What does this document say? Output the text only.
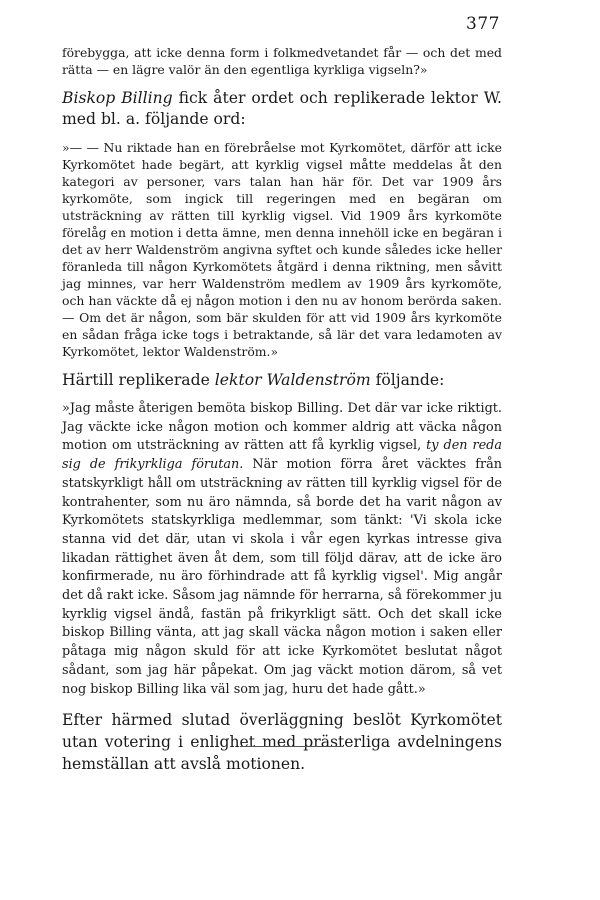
377

förebygga, att icke denna form i folkmedvetandet får — och det med rätta — en lägre valör än den egentliga kyrkliga vigseln?»

Biskop Billing fick åter ordet och replikerade lektor W. med bl. a. följande ord:

»— — Nu riktade han en förebråelse mot Kyrkomötet, därför att icke Kyrkomötet hade begärt, att kyrklig vigsel måtte meddelas åt den kategori av personer, vars talan han här för. Det var 1909 års kyrkomöte, som ingick till regeringen med en begäran om utsträckning av rätten till kyrklig vigsel. Vid 1909 års kyrkomöte förelåg en motion i detta ämne, men denna innehöll icke en begäran i det av herr Waldenström angivna syftet och kunde således icke heller föranleda till någon Kyrkomötets åtgärd i denna riktning, men såvitt jag minnes, var herr Waldenström medlem av 1909 års kyrkomöte, och han väckte då ej någon motion i den nu av honom berörda saken. — Om det är någon, som bär skulden för att vid 1909 års kyrkomöte en sådan fråga icke togs i betraktande, så lär det vara ledamoten av Kyrkomötet, lektor Waldenström.»

Härtill replikerade lektor Waldenström följande:

»Jag måste återigen bemöta biskop Billing. Det där var icke riktigt. Jag väckte icke någon motion och kommer aldrig att väcka någon motion om utsträckning av rätten att få kyrklig vigsel, ty den reda sig de frikyrkliga förutan. När motion förra året väcktes från statskyrkligt håll om utsträckning av rätten till kyrklig vigsel för de kontrahenter, som nu äro nämnda, så borde det ha varit någon av Kyrkomötets statskyrkliga medlemmar, som tänkt: 'Vi skola icke stanna vid det där, utan vi skola i vår egen kyrkas intresse giva likadan rättighet även åt dem, som till följd därav, att de icke äro konfirmerade, nu äro förhindrade att få kyrklig vigsel'. Mig angår det då rakt icke. Såsom jag nämnde för herrarna, så förekommer ju kyrklig vigsel ändå, fastän på frikyrkligt sätt. Och det skall icke biskop Billing vänta, att jag skall väcka någon motion i saken eller påtaga mig någon skuld för att icke Kyrkomötet beslutat något sådant, som jag här påpekat. Om jag väckt motion därom, så vet nog biskop Billing lika väl som jag, huru det hade gått.»

Efter härmed slutad överläggning beslöt Kyrkomötet utan votering i enlighet med prästerliga avdelningens hemställan att avslå motionen.
